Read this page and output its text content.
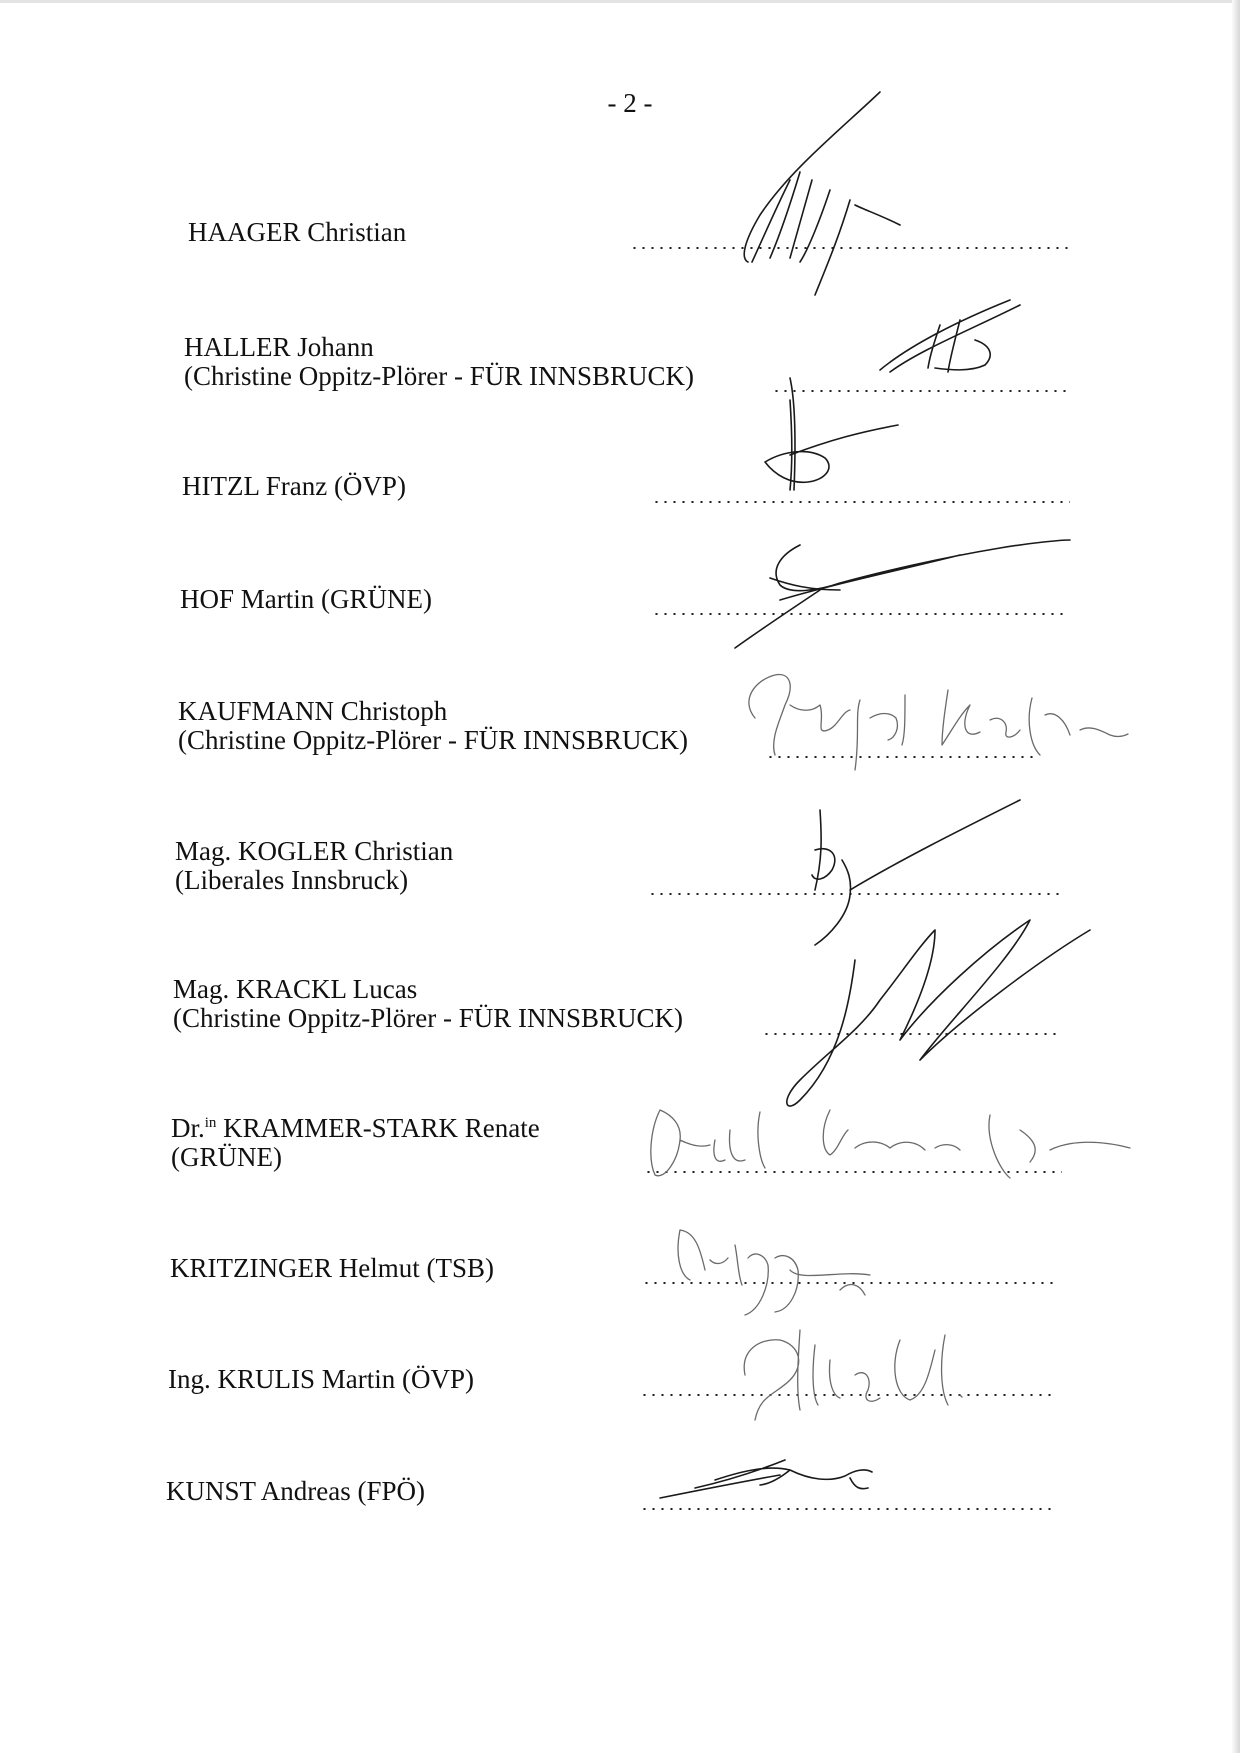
- 2 -
HAAGER Christian
HALLER Johann
(Christine Oppitz-Plörer - FÜR INNSBRUCK)
HITZL Franz (ÖVP)
HOF Martin (GRÜNE)
KAUFMANN Christoph
(Christine Oppitz-Plörer - FÜR INNSBRUCK)
Mag. KOGLER Christian
(Liberales Innsbruck)
Mag. KRACKL Lucas
(Christine Oppitz-Plörer - FÜR INNSBRUCK)
Dr.$^{in}$ KRAMMER-STARK Renate
(GRÜNE)
KRITZINGER Helmut (TSB)
Ing. KRULIS Martin (ÖVP)
KUNST Andreas (FPÖ)
